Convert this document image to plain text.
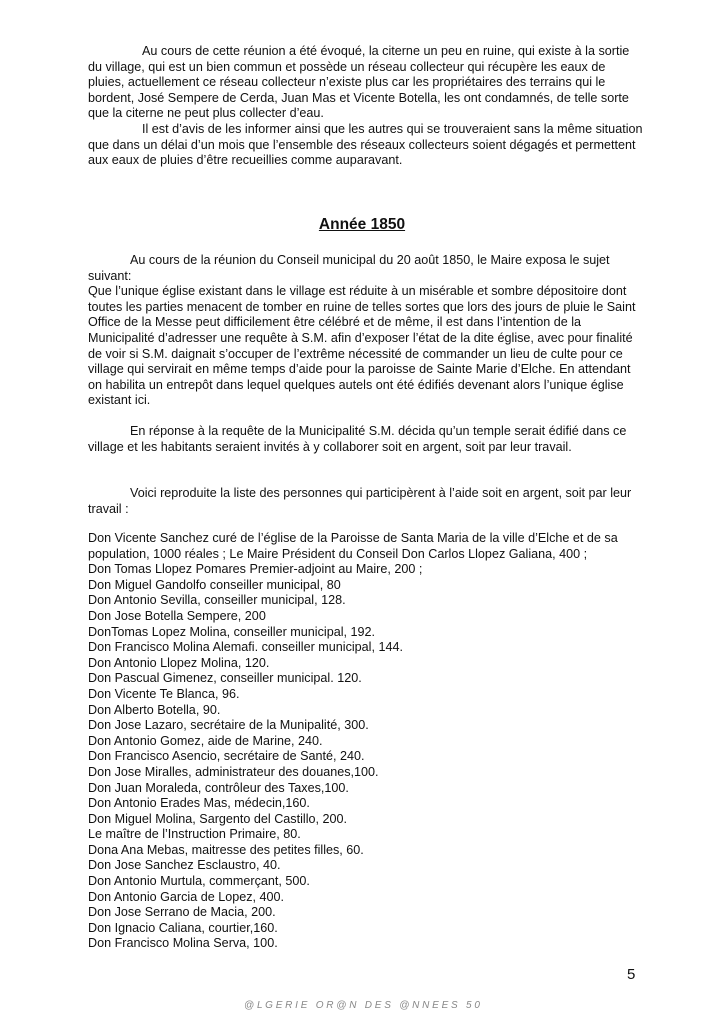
Au cours de cette réunion a été évoqué, la citerne un peu en ruine, qui existe à la sortie du village, qui est un bien commun et possède un réseau collecteur qui récupère les eaux de pluies, actuellement ce réseau collecteur n’existe plus car les propriétaires des terrains qui le bordent, José Sempere de Cerda, Juan Mas et Vicente Botella, les ont condamnés, de telle sorte que la citerne ne peut plus collecter d’eau.

Il est d’avis de les informer ainsi que les autres qui se trouveraient sans la même situation que dans un délai d’un mois que l’ensemble des réseaux collecteurs soient dégagés et permettent aux eaux de pluies d’être recueillies comme auparavant.

Année 1850

Au cours de la réunion du Conseil municipal du 20 août 1850, le Maire exposa le sujet suivant:

Que l’unique église existant dans le village est réduite à un misérable et sombre dépositoire dont toutes les parties menacent de tomber en ruine de telles sortes que lors des jours de pluie le Saint Office de la Messe peut difficilement être célébré et de même, il est dans l’intention de la Municipalité d’adresser une requête à S.M. afin d’exposer l’état de la dite église, avec pour finalité de voir si S.M. daignait s’occuper de l’extrême nécessité de commander un lieu de culte pour ce village qui servirait en même temps d’aide pour la paroisse de Sainte Marie d’Elche. En attendant on habilita un entrepôt dans lequel quelques autels ont été édifiés devenant alors l’unique église existant ici.

En réponse à la requête de la Municipalité S.M. décida qu’un temple serait édifié dans ce village et les habitants seraient invités à y collaborer soit en argent, soit par leur travail.

Voici reproduite la liste des personnes qui participèrent à l’aide soit en argent, soit par leur travail :

Don Vicente Sanchez curé de l’église de la Paroisse de Santa Maria de la ville d’Elche et de sa population, 1000 réales ; Le Maire Président du Conseil Don Carlos Llopez Galiana, 400 ;
Don Tomas Llopez Pomares Premier-adjoint au Maire, 200 ;
Don Miguel Gandolfo conseiller municipal, 80
Don Antonio Sevilla, conseiller municipal, 128.
Don Jose Botella Sempere, 200
DonTomas Lopez Molina, conseiller municipal, 192.
Don Francisco Molina Alemafi. conseiller municipal, 144.
Don Antonio Llopez Molina, 120.
Don Pascual Gimenez, conseiller municipal. 120.
Don Vicente Te Blanca, 96.
Don Alberto Botella, 90.
Don Jose Lazaro, secrétaire de la Munipalité, 300.
Don Antonio Gomez, aide de Marine, 240.
Don Francisco Asencio, secrétaire de Santé, 240.
Don Jose Miralles, administrateur des douanes,100.
Don Juan Moraleda, contrôleur des Taxes,100.
Don Antonio Erades Mas, médecin,160.
Don Miguel Molina, Sargento del Castillo, 200.
Le maître de l’Instruction Primaire, 80.
Dona Ana Mebas, maitresse des petites filles, 60.
Don Jose Sanchez Esclaustro, 40.
Don Antonio Murtula, commerçant, 500.
Don Antonio Garcia de Lopez, 400.
Don Jose Serrano de Macia, 200.
Don Ignacio Caliana, courtier,160.
Don Francisco Molina Serva, 100.
5
@ L G E R I E   O R @ N   D E S   @ N N E E S   5 0
